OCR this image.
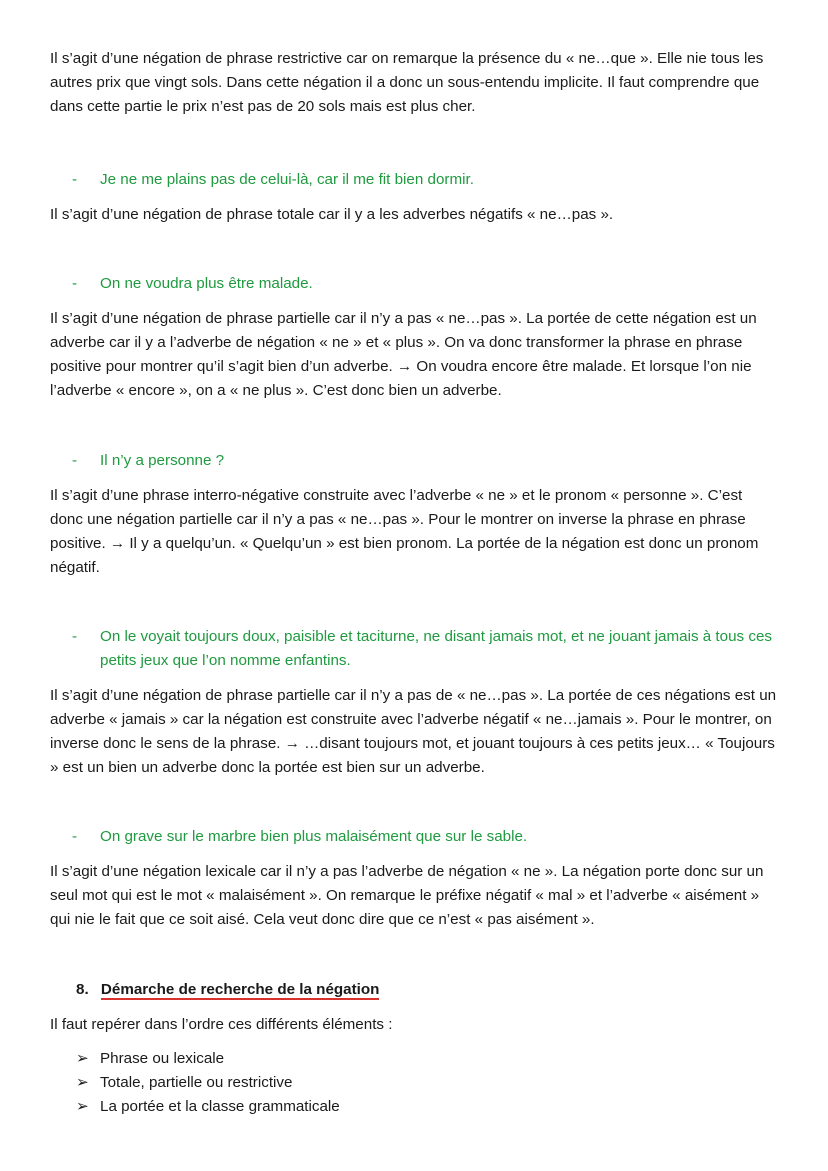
Il s’agit d’une négation de phrase restrictive car on remarque la présence du « ne…que ». Elle nie tous les autres prix que vingt sols. Dans cette négation il a donc un sous-entendu implicite. Il faut comprendre que dans cette partie le prix n’est pas de 20 sols mais est plus cher.

- Je ne me plains pas de celui-là, car il me fit bien dormir.

Il s’agit d’une négation de phrase totale car il y a les adverbes négatifs « ne…pas ».

- On ne voudra plus être malade.

Il s’agit d’une négation de phrase partielle car il n’y a pas « ne…pas ». La portée de cette négation est un adverbe car il y a l’adverbe de négation « ne » et « plus ». On va donc transformer la phrase en phrase positive pour montrer qu’il s’agit bien d’un adverbe. → On voudra encore être malade. Et lorsque l’on nie l’adverbe « encore », on a « ne plus ». C’est donc bien un adverbe.

- Il n’y a personne ?

Il s’agit d’une phrase interro-négative construite avec l’adverbe « ne » et le pronom « personne ». C’est donc une négation partielle car il n’y a pas « ne…pas ». Pour le montrer on inverse la phrase en phrase positive. → Il y a quelqu’un. « Quelqu’un » est bien pronom. La portée de la négation est donc un pronom négatif.

- On le voyait toujours doux, paisible et taciturne, ne disant jamais mot, et ne jouant jamais à tous ces petits jeux que l’on nomme enfantins.

Il s’agit d’une négation de phrase partielle car il n’y a pas de « ne…pas ». La portée de ces négations est un adverbe « jamais » car la négation est construite avec l’adverbe négatif « ne…jamais ». Pour le montrer, on inverse donc le sens de la phrase. → …disant toujours mot, et jouant toujours à ces petits jeux… « Toujours » est un bien un adverbe donc la portée est bien sur un adverbe.

- On grave sur le marbre bien plus malaisément que sur le sable.

Il s’agit d’une négation lexicale car il n’y a pas l’adverbe de négation « ne ». La négation porte donc sur un seul mot qui est le mot « malaisément ». On remarque le préfixe négatif « mal » et l’adverbe « aisément » qui nie le fait que ce soit aisé. Cela veut donc dire que ce n’est « pas aisément ».

8. Démarche de recherche de la négation

Il faut repérer dans l’ordre ces différents éléments :

➢ Phrase ou lexicale
➢ Totale, partielle ou restrictive
➢ La portée et la classe grammaticale
